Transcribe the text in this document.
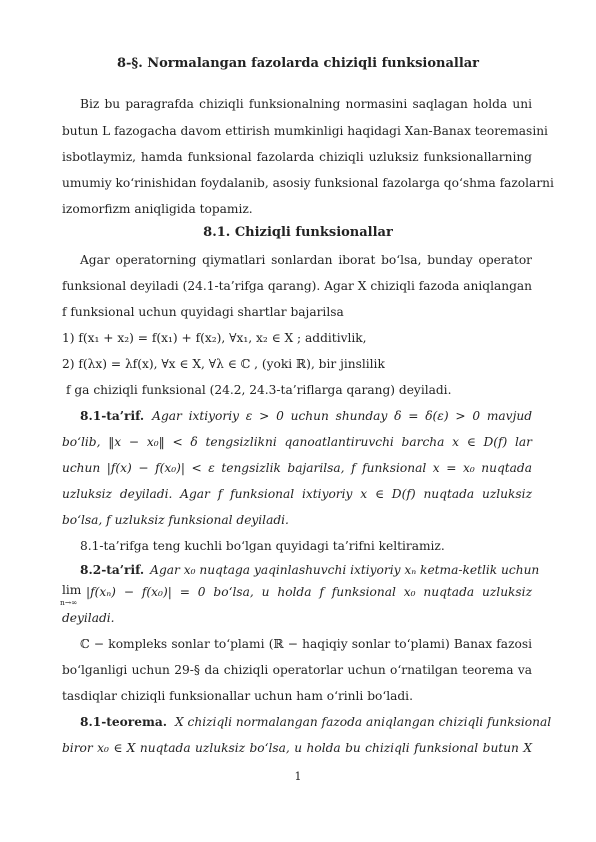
8-§. Normalangan fazolarda chiziqli funksionallar
Biz bu paragrafda chiziqli funksionalning normasini saqlagan holda uni
butun L fazogacha davom ettirish mumkinligi haqidagi Xan-Banax teoremasini
isbotlaymiz, hamda funksional fazolarda chiziqli uzluksiz funksionallarning
umumiy ko‘rinishidan foydalanib, asosiy funksional fazolarga qo‘shma fazolarni
izomorfizm aniqligida topamiz.
8.1. Chiziqli funksionallar
Agar operatorning qiymatlari sonlardan iborat bo‘lsa, bunday operator
funksional deyiladi (24.1-ta’rifga qarang). Agar X chiziqli fazoda aniqlangan
f funksional uchun quyidagi shartlar bajarilsa
1) f(x₁ + x₂) = f(x₁) + f(x₂), ∀x₁, x₂ ∈ X ; additivlik,
2) f(λx) = λf(x), ∀x ∈ X, ∀λ ∈ ℂ , (yoki ℝ), bir jinslilik
f ga chiziqli funksional (24.2, 24.3-ta’riflarga qarang) deyiladi.
8.1-ta’rif. Agar ixtiyoriy ε > 0 uchun shunday δ = δ(ε) > 0 mavjud
bo‘lib, ‖x − x₀‖ < δ tengsizlikni qanoatlantiruvchi barcha x ∈ D(f) lar
uchun |f(x) − f(x₀)| < ε tengsizlik bajarilsa, f funksional x = x₀ nuqtada
uzluksiz deyiladi. Agar f funksional ixtiyoriy x ∈ D(f) nuqtada uzluksiz
bo‘lsa, f uzluksiz funksional deyiladi.
8.1-ta’rifga teng kuchli bo‘lgan quyidagi ta’rifni keltiramiz.
8.2-ta’rif. Agar x₀ nuqtaga yaqinlashuvchi ixtiyoriy xₙ ketma-ketlik uchun
lim
n→∞
|f(xₙ) − f(x₀)| = 0 bo‘lsa, u holda f funksional x₀ nuqtada uzluksiz
deyiladi.
ℂ − kompleks sonlar to‘plami (ℝ − haqiqiy sonlar to‘plami) Banax fazosi
bo‘lganligi uchun 29-§ da chiziqli operatorlar uchun o‘rnatilgan teorema va
tasdiqlar chiziqli funksionallar uchun ham o‘rinli bo‘ladi.
8.1-teorema. X chiziqli normalangan fazoda aniqlangan chiziqli funksional
biror x₀ ∈ X nuqtada uzluksiz bo‘lsa, u holda bu chiziqli funksional butun X
1
